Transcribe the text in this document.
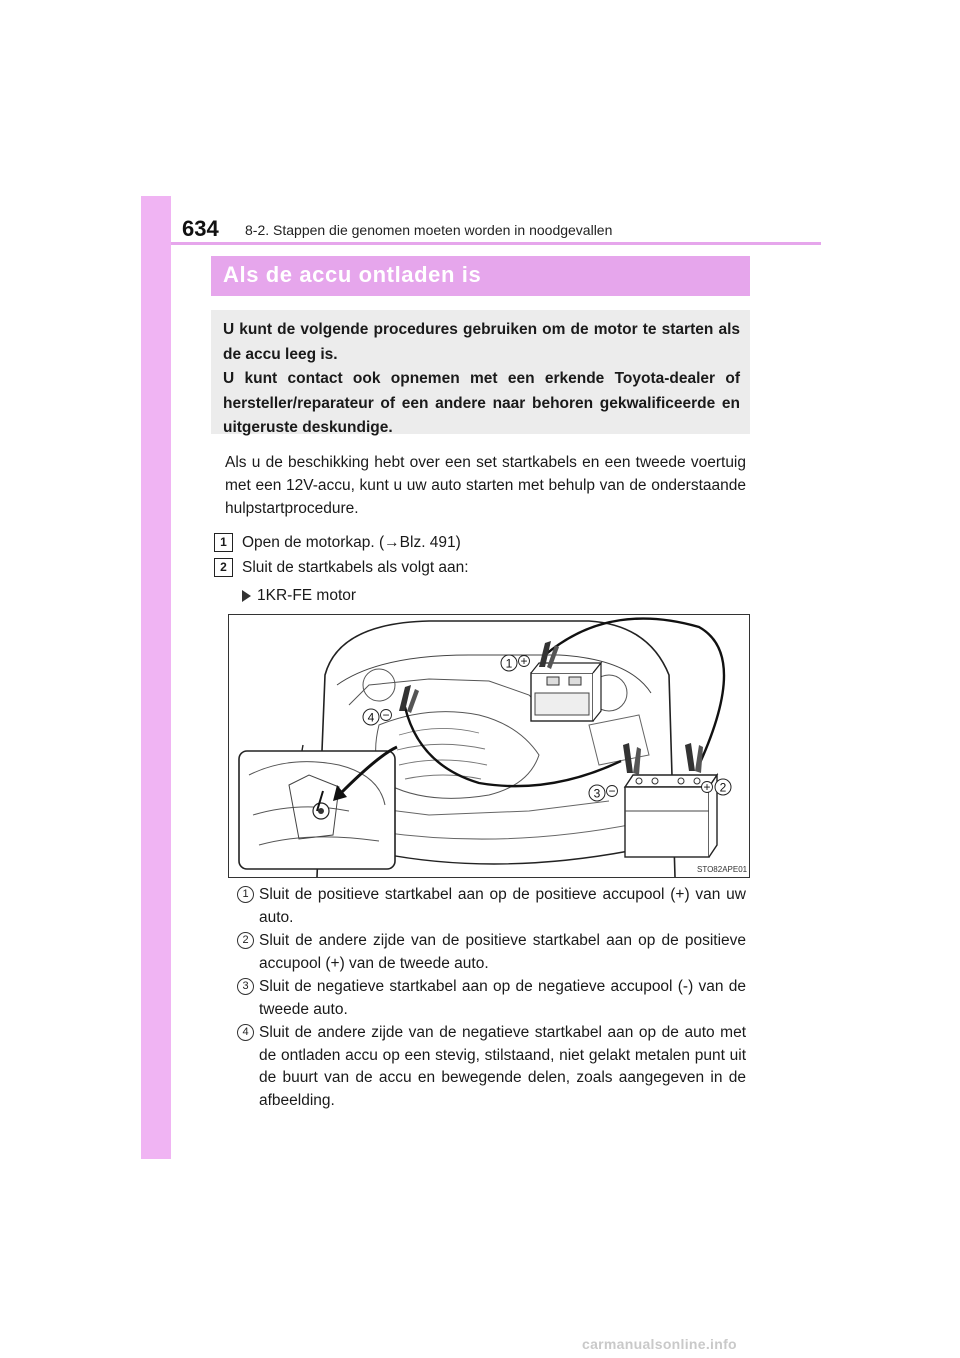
634 8-2. Stappen die genomen moeten worden in noodgevallen
Als de accu ontladen is

U kunt de volgende procedures gebruiken om de motor te starten als de accu leeg is.

U kunt contact ook opnemen met een erkende Toyota-dealer of hersteller/reparateur of een andere naar behoren gekwalificeerde en uitgeruste deskundige.

Als u de beschikking hebt over een set startkabels en een tweede voertuig met een 12V-accu, kunt u uw auto starten met behulp van de onderstaande hulpstartprocedure.

1 Open de motorkap. (→Blz. 491)
2 Sluit de startkabels als volgt aan:
1KR-FE motor
1 +
4 −
3 −	+ 2
STO82APE01
1 Sluit de positieve startkabel aan op de positieve accupool (+) van uw auto.

2 Sluit de andere zijde van de positieve startkabel aan op de positieve accupool (+) van de tweede auto.

3 Sluit de negatieve startkabel aan op de negatieve accupool (-) van de tweede auto.

4 Sluit de andere zijde van de negatieve startkabel aan op de auto met de ontladen accu op een stevig, stilstaand, niet gelakt metalen punt uit de buurt van de accu en bewegende delen, zoals aangegeven in de afbeelding.

carmanualsonline.info
